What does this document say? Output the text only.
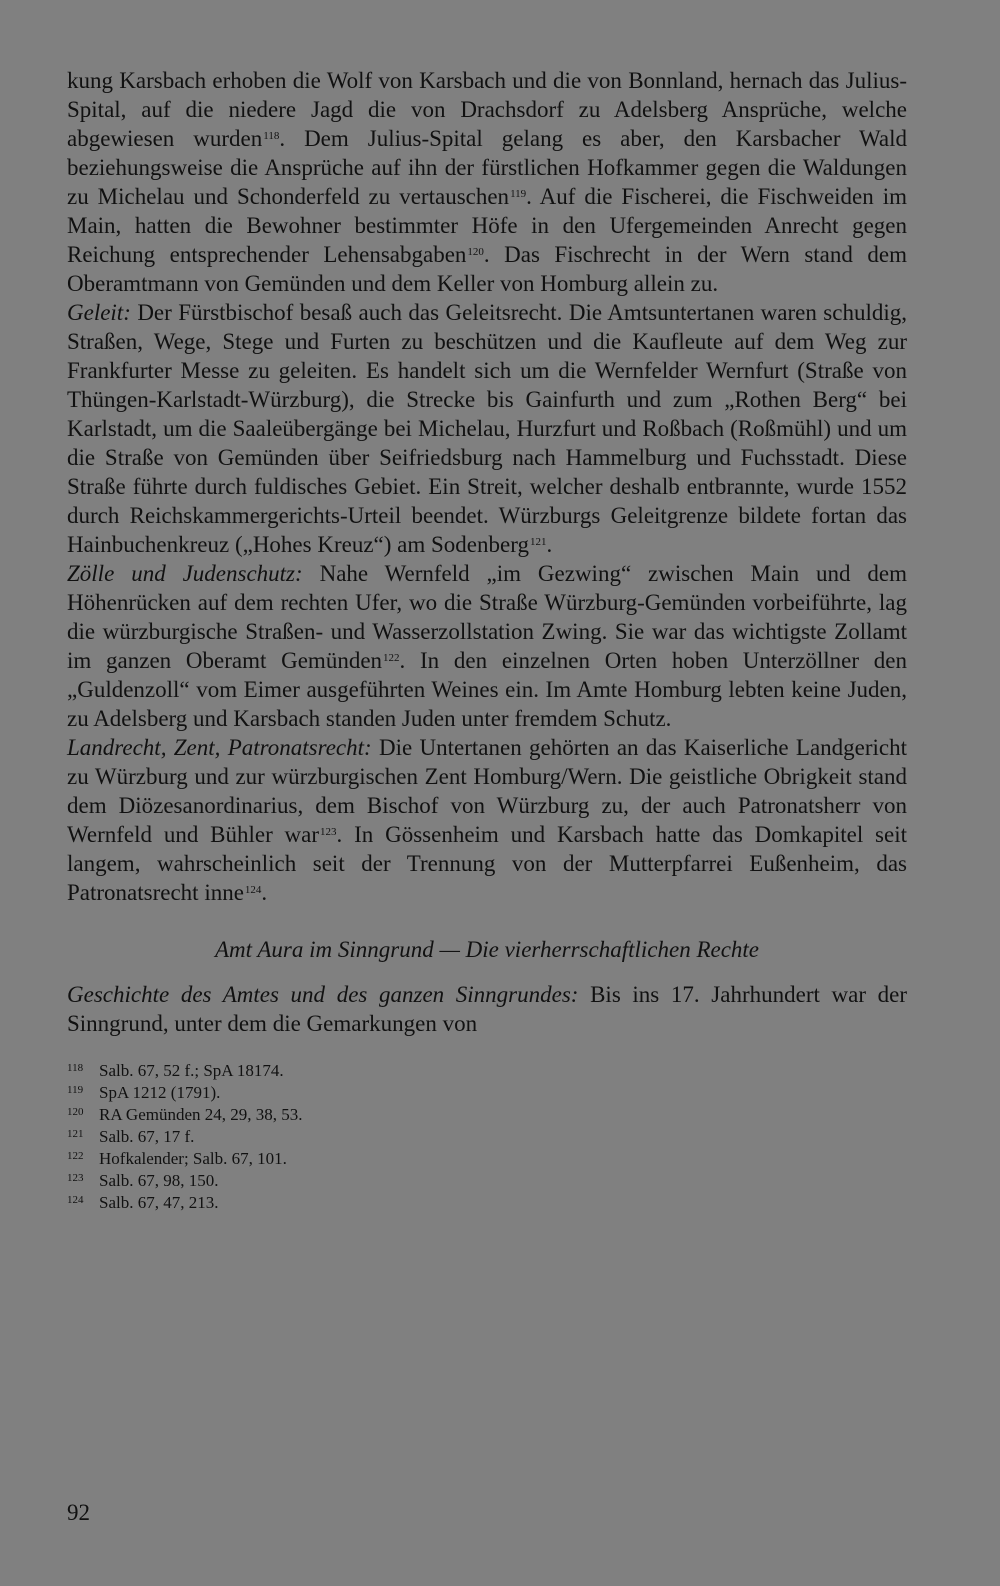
kung Karsbach erhoben die Wolf von Karsbach und die von Bonnland, hernach das Julius-Spital, auf die niedere Jagd die von Drachsdorf zu Adelsberg Ansprüche, welche abgewiesen wurden$^{118}$. Dem Julius-Spital gelang es aber, den Karsbacher Wald beziehungsweise die Ansprüche auf ihn der fürstlichen Hofkammer gegen die Waldungen zu Michelau und Schonderfeld zu vertauschen$^{119}$. Auf die Fischerei, die Fischweiden im Main, hatten die Bewohner bestimmter Höfe in den Ufergemeinden Anrecht gegen Reichung entsprechender Lehensabgaben$^{120}$. Das Fischrecht in der Wern stand dem Oberamtmann von Gemünden und dem Keller von Homburg allein zu.

Geleit: Der Fürstbischof besaß auch das Geleitsrecht. Die Amtsuntertanen waren schuldig, Straßen, Wege, Stege und Furten zu beschützen und die Kaufleute auf dem Weg zur Frankfurter Messe zu geleiten. Es handelt sich um die Wernfelder Wernfurt (Straße von Thüngen-Karlstadt-Würzburg), die Strecke bis Gainfurth und zum „Rothen Berg“ bei Karlstadt, um die Saaleübergänge bei Michelau, Hurzfurt und Roßbach (Roßmühl) und um die Straße von Gemünden über Seifriedsburg nach Hammelburg und Fuchsstadt. Diese Straße führte durch fuldisches Gebiet. Ein Streit, welcher deshalb entbrannte, wurde 1552 durch Reichskammergerichts-Urteil beendet. Würzburgs Geleitgrenze bildete fortan das Hainbuchenkreuz („Hohes Kreuz“) am Sodenberg$^{121}$.

Zölle und Judenschutz: Nahe Wernfeld „im Gezwing“ zwischen Main und dem Höhenrücken auf dem rechten Ufer, wo die Straße Würzburg-Gemünden vorbeiführte, lag die würzburgische Straßen- und Wasserzollstation Zwing. Sie war das wichtigste Zollamt im ganzen Oberamt Gemünden$^{122}$. In den einzelnen Orten hoben Unterzöllner den „Guldenzoll“ vom Eimer ausgeführten Weines ein. Im Amte Homburg lebten keine Juden, zu Adelsberg und Karsbach standen Juden unter fremdem Schutz.

Landrecht, Zent, Patronatsrecht: Die Untertanen gehörten an das Kaiserliche Landgericht zu Würzburg und zur würzburgischen Zent Homburg/Wern. Die geistliche Obrigkeit stand dem Diözesanordinarius, dem Bischof von Würzburg zu, der auch Patronatsherr von Wernfeld und Bühler war$^{123}$. In Gössenheim und Karsbach hatte das Domkapitel seit langem, wahrscheinlich seit der Trennung von der Mutterpfarrei Eußenheim, das Patronatsrecht inne$^{124}$.

Amt Aura im Sinngrund — Die vierherrschaftlichen Rechte

Geschichte des Amtes und des ganzen Sinngrundes: Bis ins 17. Jahrhundert war der Sinngrund, unter dem die Gemarkungen von

118 Salb. 67, 52 f.; SpA 18174.
119 SpA 1212 (1791).
120 RA Gemünden 24, 29, 38, 53.
121 Salb. 67, 17 f.
122 Hofkalender; Salb. 67, 101.
123 Salb. 67, 98, 150.
124 Salb. 67, 47, 213.
92
